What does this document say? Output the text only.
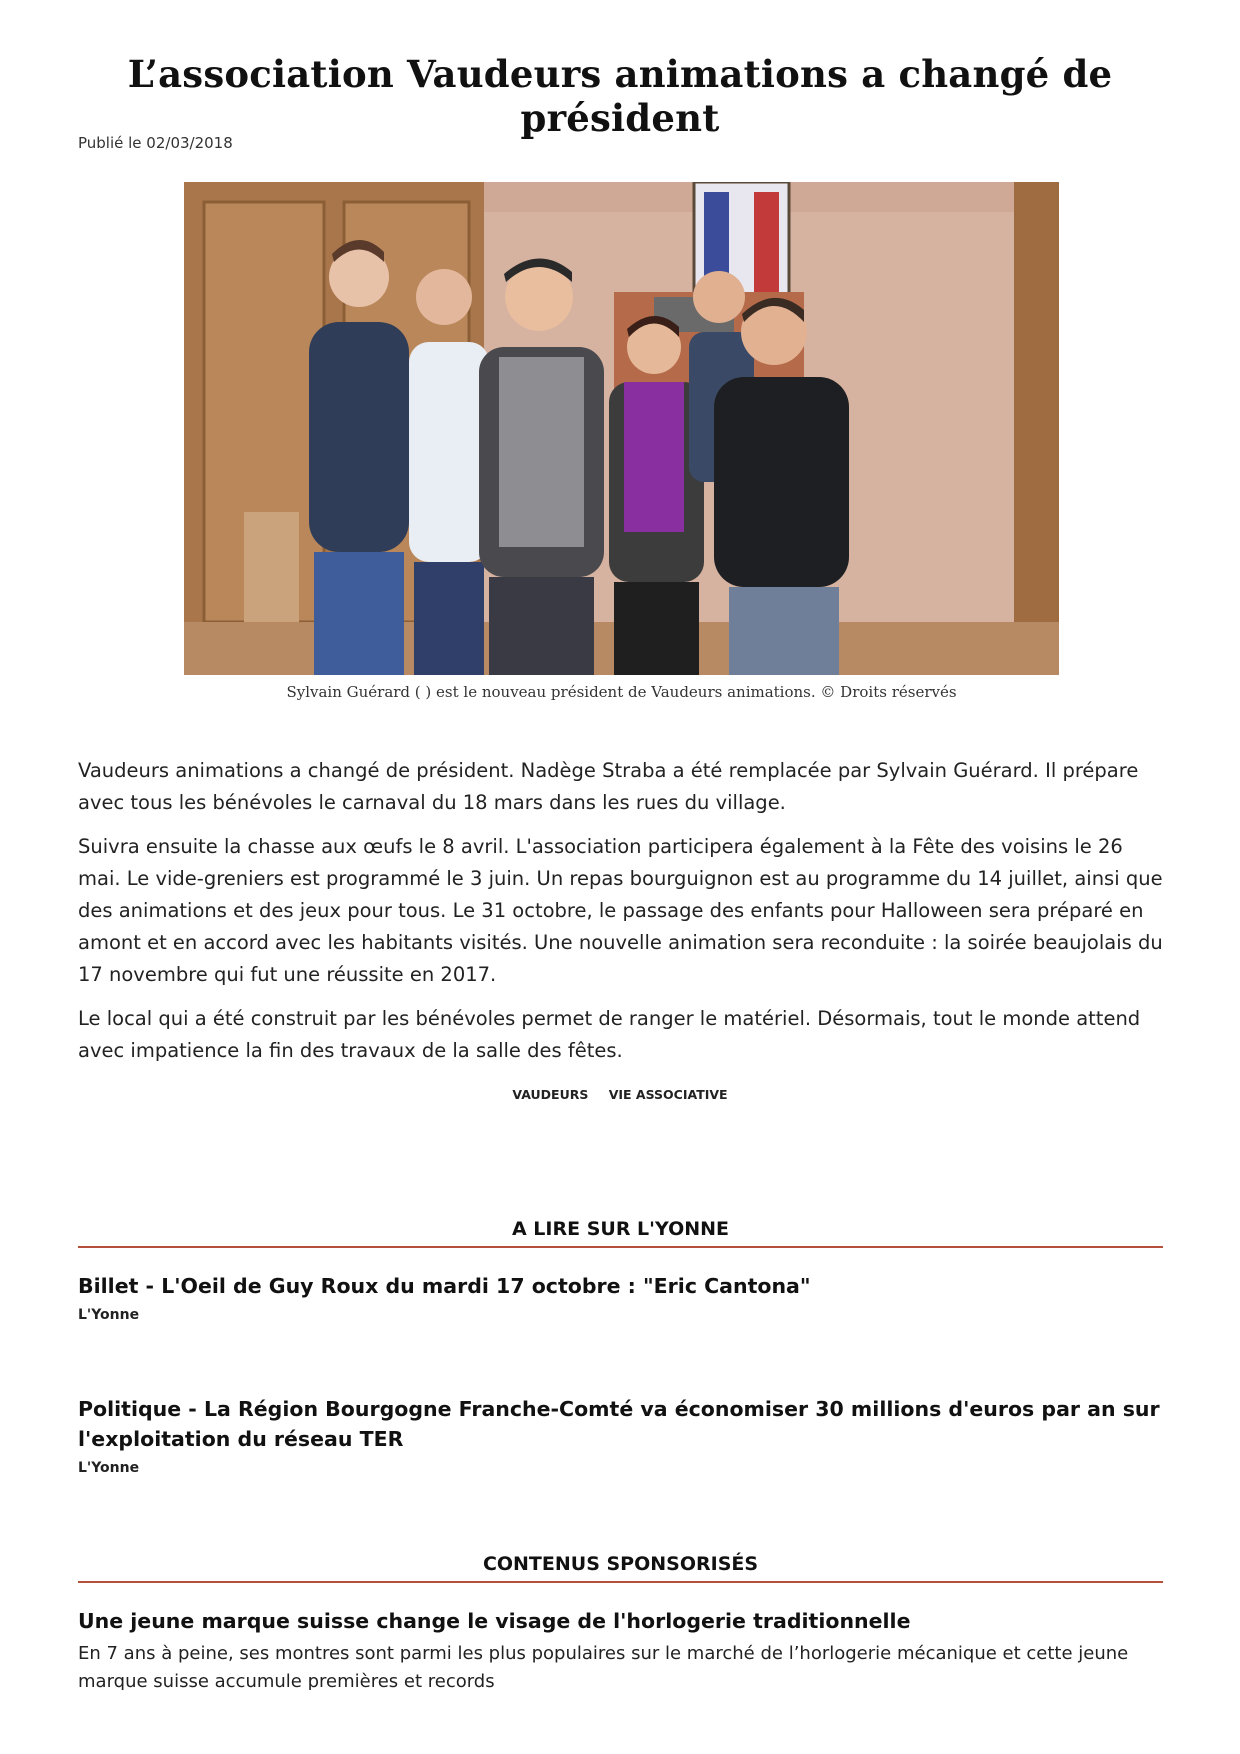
L’association Vaudeurs animations a changé de président
Publié le 02/03/2018
Sylvain Guérard ( ) est le nouveau président de Vaudeurs animations. © Droits réservés

Vaudeurs animations a changé de président. Nadège Straba a été remplacée par Sylvain Guérard. Il prépare avec tous les bénévoles le carnaval du 18 mars dans les rues du village.

Suivra ensuite la chasse aux œufs le 8 avril. L'association participera également à la Fête des voisins le 26 mai. Le vide-greniers est programmé le 3 juin. Un repas bourguignon est au programme du 14 juillet, ainsi que des animations et des jeux pour tous. Le 31 octobre, le passage des enfants pour Halloween sera préparé en amont et en accord avec les habitants visités. Une nouvelle animation sera reconduite : la soirée beaujolais du 17 novembre qui fut une réussite en 2017.

Le local qui a été construit par les bénévoles permet de ranger le matériel. Désormais, tout le monde attend avec impatience la fin des travaux de la salle des fêtes.

VAUDEURS VIE ASSOCIATIVE
A LIRE SUR L'YONNE
Billet - L'Oeil de Guy Roux du mardi 17 octobre : "Eric Cantona"
L'Yonne
Politique - La Région Bourgogne Franche-Comté va économiser 30 millions d'euros par an sur l'exploitation du réseau TER
L'Yonne
CONTENUS SPONSORISÉS
Une jeune marque suisse change le visage de l'horlogerie traditionnelle
En 7 ans à peine, ses montres sont parmi les plus populaires sur le marché de l’horlogerie mécanique et cette jeune marque suisse accumule premières et records
